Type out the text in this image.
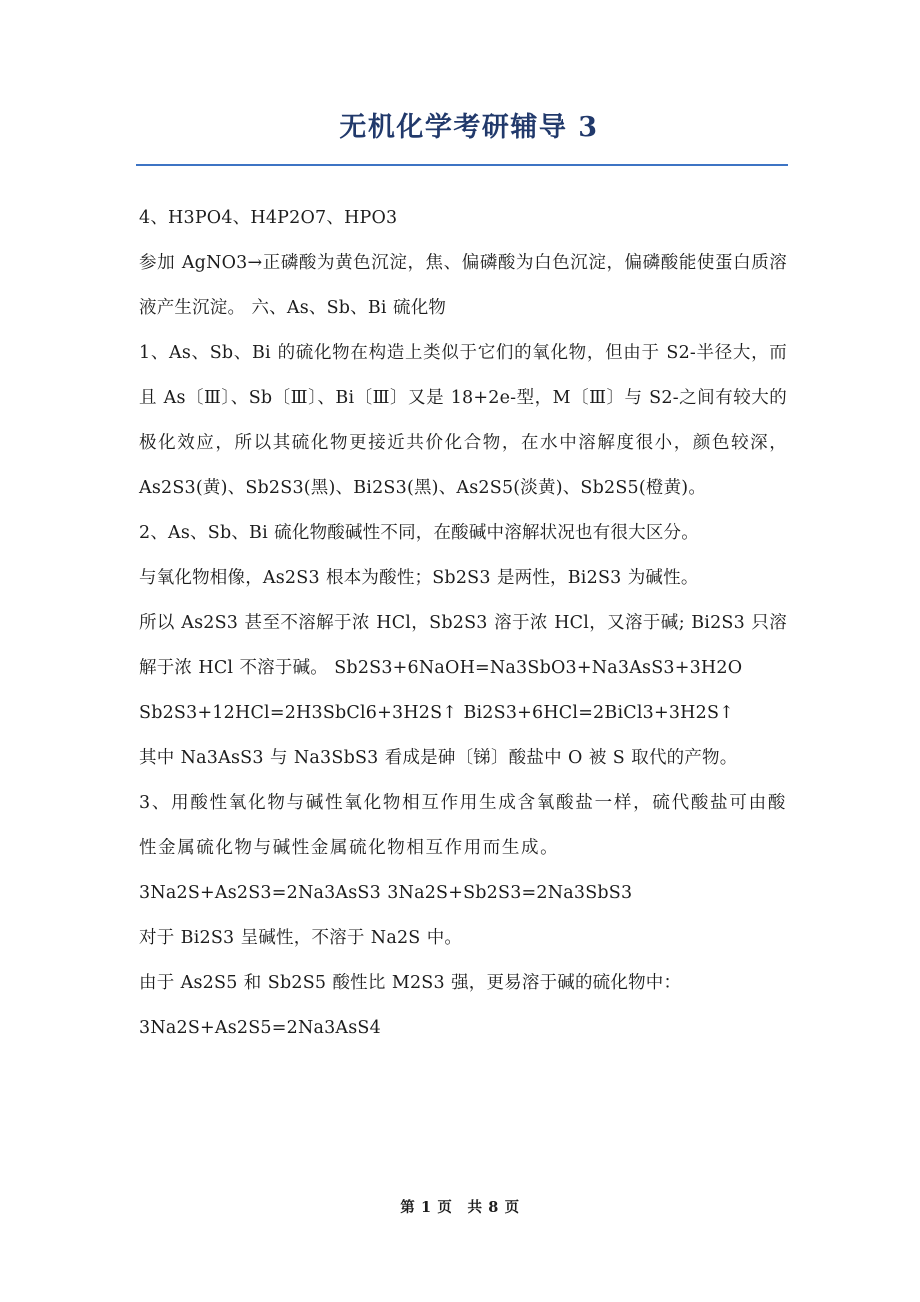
无机化学考研辅导 3

4、H3PO4、H4P2O7、HPO3

参加 AgNO3→正磷酸为黄色沉淀，焦、偏磷酸为白色沉淀，偏磷酸能使蛋白质溶液产生沉淀。 六、As、Sb、Bi 硫化物

1、As、Sb、Bi 的硫化物在构造上类似于它们的氧化物，但由于 S2-半径大，而且 As〔Ⅲ〕、Sb〔Ⅲ〕、Bi〔Ⅲ〕又是 18+2e-型，M〔Ⅲ〕与 S2-之间有较大的极化效应，所以其硫化物更接近共价化合物，在水中溶解度很小，颜色较深，As2S3(黄)、Sb2S3(黑)、Bi2S3(黑)、As2S5(淡黄)、Sb2S5(橙黄)。

2、As、Sb、Bi 硫化物酸碱性不同，在酸碱中溶解状况也有很大区分。

与氧化物相像，As2S3 根本为酸性；Sb2S3 是两性，Bi2S3 为碱性。

所以 As2S3 甚至不溶解于浓 HCl，Sb2S3 溶于浓 HCl，又溶于碱; Bi2S3 只溶解于浓 HCl 不溶于碱。 Sb2S3+6NaOH=Na3SbO3+Na3AsS3+3H2O

Sb2S3+12HCl=2H3SbCl6+3H2S↑ Bi2S3+6HCl=2BiCl3+3H2S↑

其中 Na3AsS3 与 Na3SbS3 看成是砷〔锑〕酸盐中 O 被 S 取代的产物。

3、用酸性氧化物与碱性氧化物相互作用生成含氧酸盐一样，硫代酸盐可由酸性金属硫化物与碱性金属硫化物相互作用而生成。

3Na2S+As2S3=2Na3AsS3 3Na2S+Sb2S3=2Na3SbS3

对于 Bi2S3 呈碱性，不溶于 Na2S 中。

由于 As2S5 和 Sb2S5 酸性比 M2S3 强，更易溶于碱的硫化物中：

3Na2S+As2S5=2Na3AsS4

第 1 页　共 8 页
